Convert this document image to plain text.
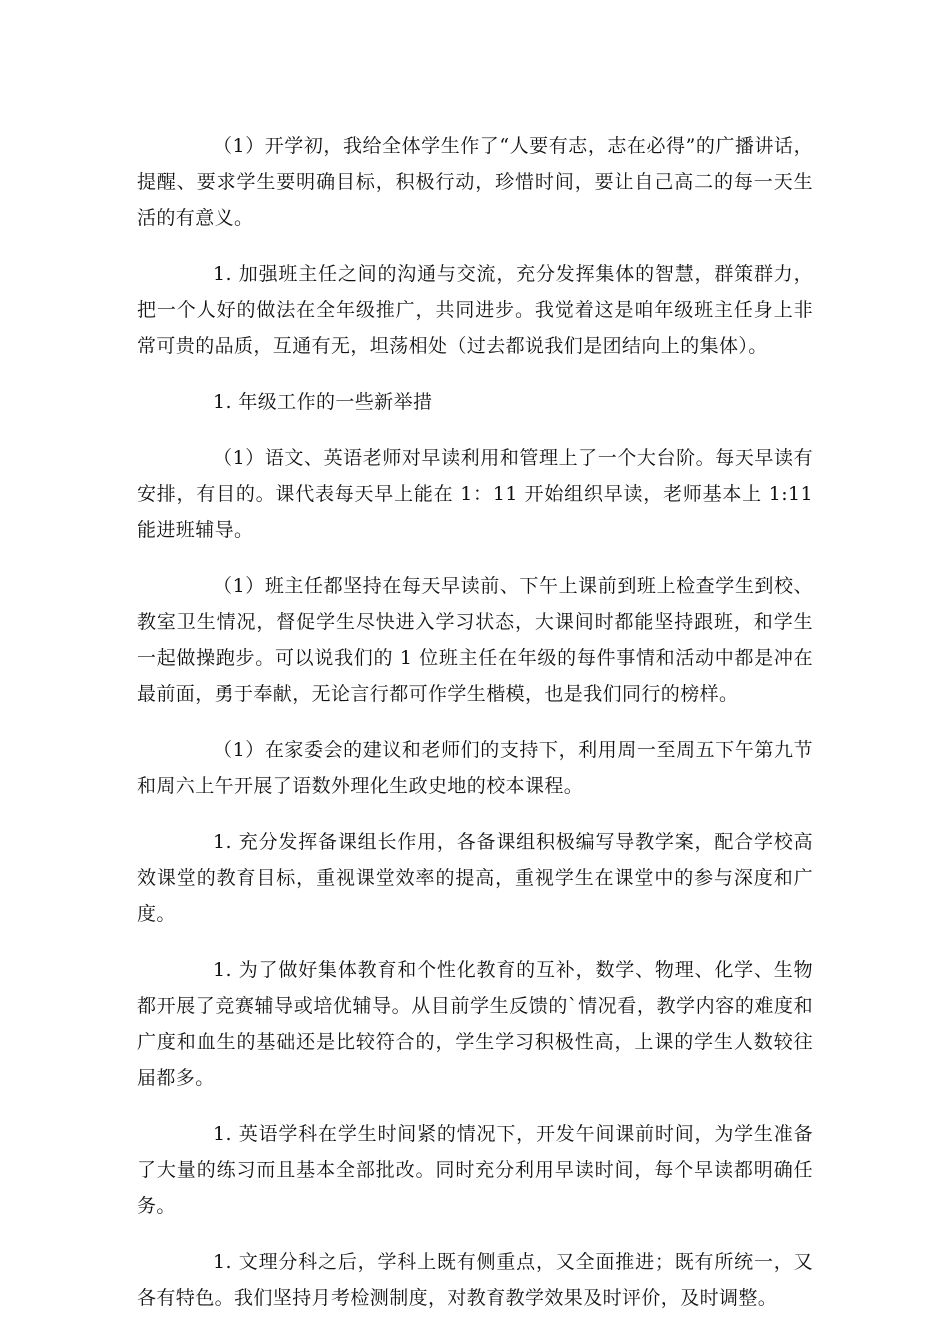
（1）开学初，我给全体学生作了“人要有志，志在必得”的广播讲话，提醒、要求学生要明确目标，积极行动，珍惜时间，要让自己高二的每一天生活的有意义。

1. 加强班主任之间的沟通与交流，充分发挥集体的智慧，群策群力，把一个人好的做法在全年级推广，共同进步。我觉着这是咱年级班主任身上非常可贵的品质，互通有无，坦荡相处（过去都说我们是团结向上的集体）。

1. 年级工作的一些新举措

（1）语文、英语老师对早读利用和管理上了一个大台阶。每天早读有安排，有目的。课代表每天早上能在 1：11 开始组织早读，老师基本上 1:11 能进班辅导。

（1）班主任都坚持在每天早读前、下午上课前到班上检查学生到校、教室卫生情况，督促学生尽快进入学习状态，大课间时都能坚持跟班，和学生一起做操跑步。可以说我们的 1 位班主任在年级的每件事情和活动中都是冲在最前面，勇于奉献，无论言行都可作学生楷模，也是我们同行的榜样。

（1）在家委会的建议和老师们的支持下，利用周一至周五下午第九节和周六上午开展了语数外理化生政史地的校本课程。

1. 充分发挥备课组长作用，各备课组积极编写导教学案，配合学校高效课堂的教育目标，重视课堂效率的提高，重视学生在课堂中的参与深度和广度。

1. 为了做好集体教育和个性化教育的互补，数学、物理、化学、生物都开展了竞赛辅导或培优辅导。从目前学生反馈的`情况看，教学内容的难度和广度和血生的基础还是比较符合的，学生学习积极性高，上课的学生人数较往届都多。

1. 英语学科在学生时间紧的情况下，开发午间课前时间，为学生准备了大量的练习而且基本全部批改。同时充分利用早读时间，每个早读都明确任务。

1. 文理分科之后，学科上既有侧重点，又全面推进；既有所统一，又各有特色。我们坚持月考检测制度，对教育教学效果及时评价，及时调整。
